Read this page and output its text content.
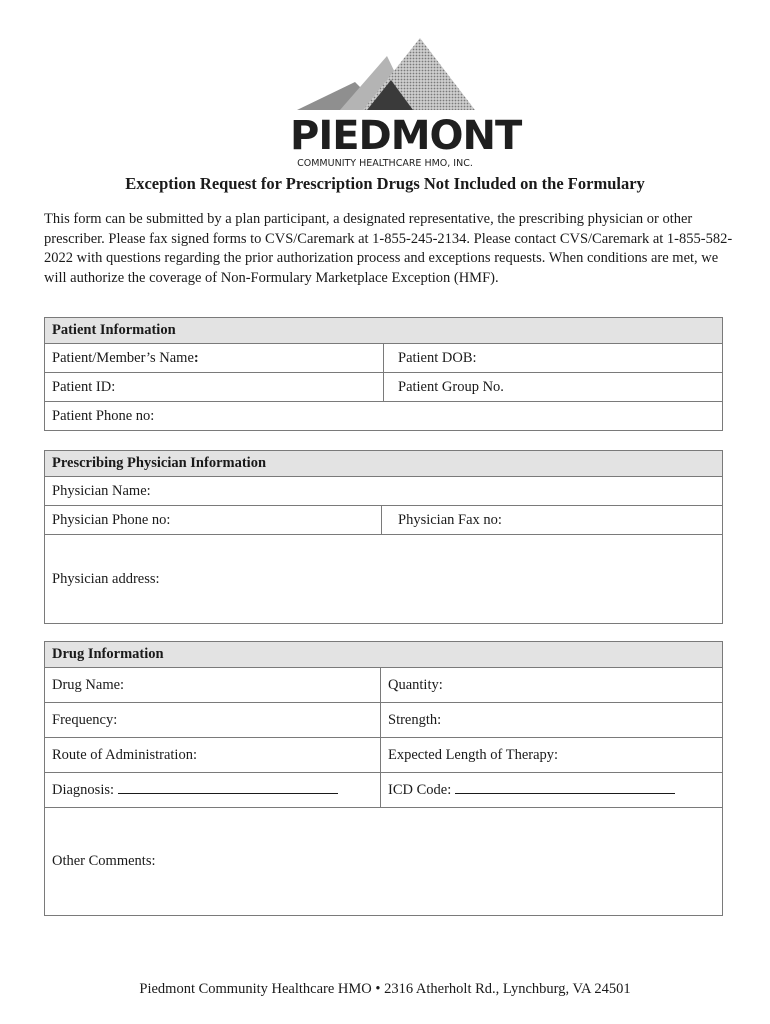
PIEDMONT
COMMUNITY HEALTHCARE HMO, INC.
Exception Request for Prescription Drugs Not Included on the Formulary

This form can be submitted by a plan participant, a designated representative, the prescribing physician or other prescriber. Please fax signed forms to CVS/Caremark at 1-855-245-2134. Please contact CVS/Caremark at 1-855-582-2022 with questions regarding the prior authorization process and exceptions requests. When conditions are met, we will authorize the coverage of Non-Formulary Marketplace Exception (HMF).

Patient Information	
Patient/Member’s Name:	Patient DOB:
Patient ID:	Patient Group No.
Patient Phone no:	
Prescribing Physician Information
Physician Name:
Physician Phone no:	Physician Fax no:
Physician address:
Drug Information	
Drug Name:	Quantity:
Frequency:	Strength:
Route of Administration:	Expected Length of Therapy:
Diagnosis:	ICD Code:
Other Comments:	
Piedmont Community Healthcare HMO • 2316 Atherholt Rd., Lynchburg, VA 24501
